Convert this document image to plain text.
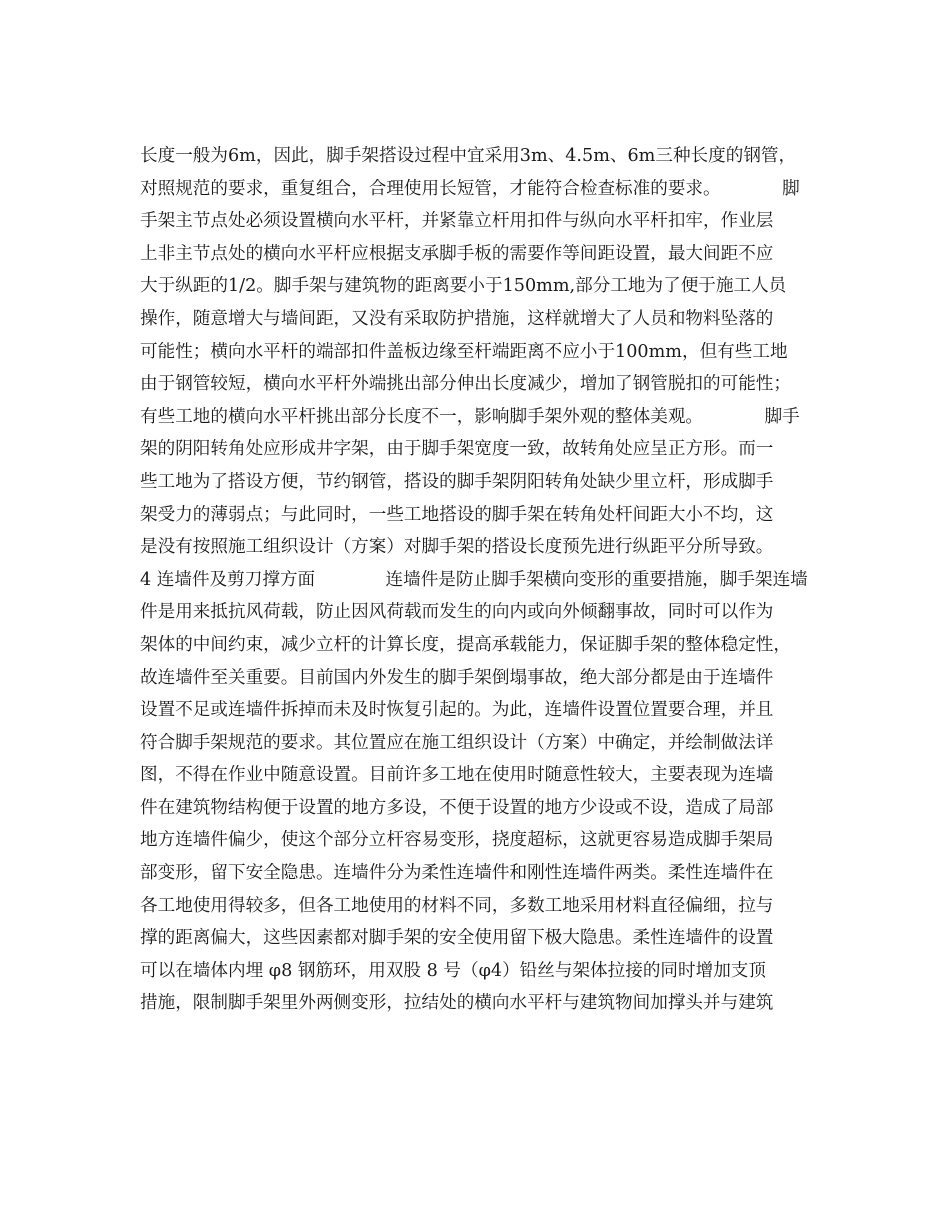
长度一般为6m，因此，脚手架搭设过程中宜采用3m、4.5m、6m三种长度的钢管，
对照规范的要求，重复组合，合理使用长短管，才能符合检查标准的要求。　　　　脚
手架主节点处必须设置横向水平杆，并紧靠立杆用扣件与纵向水平杆扣牢，作业层
上非主节点处的横向水平杆应根据支承脚手板的需要作等间距设置，最大间距不应
大于纵距的1/2。脚手架与建筑物的距离要小于150mm,部分工地为了便于施工人员
操作，随意增大与墙间距，又没有采取防护措施，这样就增大了人员和物料坠落的
可能性；横向水平杆的端部扣件盖板边缘至杆端距离不应小于100mm，但有些工地
由于钢管较短，横向水平杆外端挑出部分伸出长度减少，增加了钢管脱扣的可能性；
有些工地的横向水平杆挑出部分长度不一，影响脚手架外观的整体美观。　　　　脚手
架的阴阳转角处应形成井字架，由于脚手架宽度一致，故转角处应呈正方形。而一
些工地为了搭设方便，节约钢管，搭设的脚手架阴阳转角处缺少里立杆，形成脚手
架受力的薄弱点；与此同时，一些工地搭设的脚手架在转角处杆间距大小不均，这
是没有按照施工组织设计（方案）对脚手架的搭设长度预先进行纵距平分所导致。
4 连墙件及剪刀撑方面　　　　连墙件是防止脚手架横向变形的重要措施，脚手架连墙
件是用来抵抗风荷载，防止因风荷载而发生的向内或向外倾翻事故，同时可以作为
架体的中间约束，减少立杆的计算长度，提高承载能力，保证脚手架的整体稳定性，
故连墙件至关重要。目前国内外发生的脚手架倒塌事故，绝大部分都是由于连墙件
设置不足或连墙件拆掉而未及时恢复引起的。为此，连墙件设置位置要合理，并且
符合脚手架规范的要求。其位置应在施工组织设计（方案）中确定，并绘制做法详
图，不得在作业中随意设置。目前许多工地在使用时随意性较大，主要表现为连墙
件在建筑物结构便于设置的地方多设，不便于设置的地方少设或不设，造成了局部
地方连墙件偏少，使这个部分立杆容易变形，挠度超标，这就更容易造成脚手架局
部变形，留下安全隐患。连墙件分为柔性连墙件和刚性连墙件两类。柔性连墙件在
各工地使用得较多，但各工地使用的材料不同，多数工地采用材料直径偏细，拉与
撑的距离偏大，这些因素都对脚手架的安全使用留下极大隐患。柔性连墙件的设置
可以在墙体内埋 φ8 钢筋环，用双股 8 号（φ4）铅丝与架体拉接的同时增加支顶
措施，限制脚手架里外两侧变形，拉结处的横向水平杆与建筑物间加撑头并与建筑
